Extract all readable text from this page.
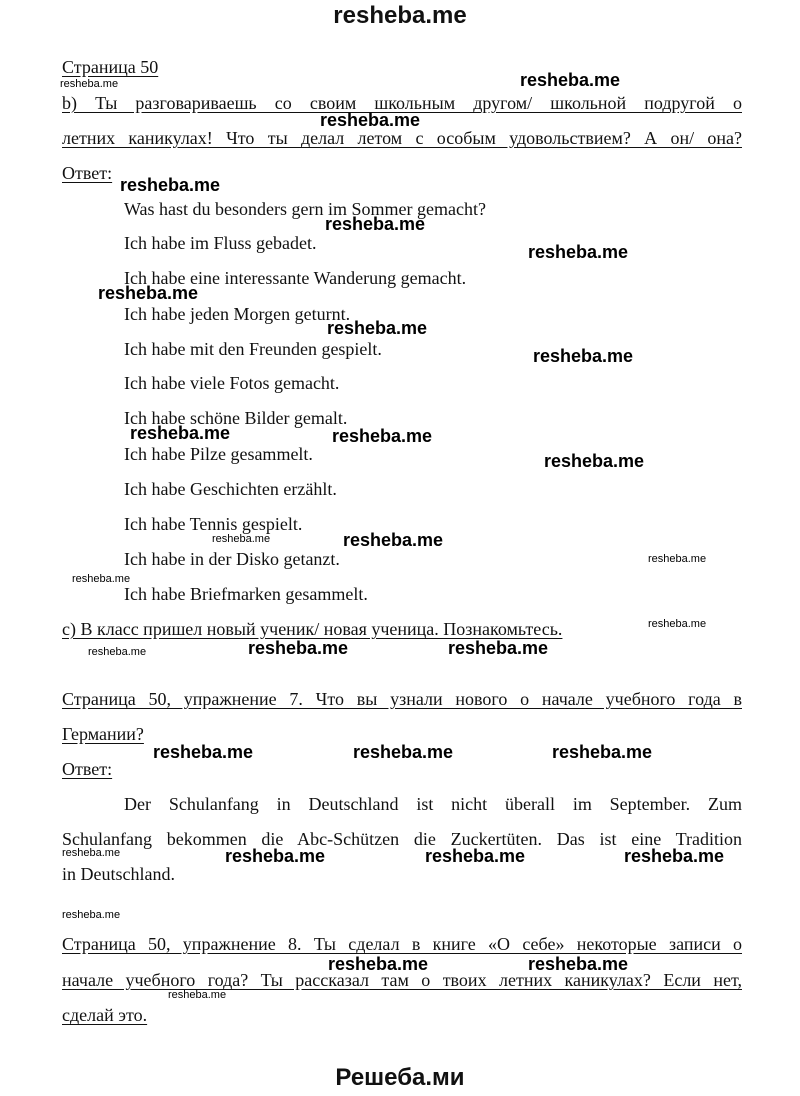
resheba.me
Страница 50
b) Ты разговариваешь со своим школьным другом/ школьной подругой о
летних каникулах! Что ты делал летом с особым удовольствием? А он/ она?
Ответ:
Was hast du besonders gern im Sommer gemacht?
Ich habe im Fluss gebadet.
Ich habe eine interessante Wanderung gemacht.
Ich habe jeden Morgen geturnt.
Ich habe mit den Freunden gespielt.
Ich habe viele Fotos gemacht.
Ich habe schöne Bilder gemalt.
Ich habe Pilze gesammelt.
Ich habe Geschichten erzählt.
Ich habe Tennis gespielt.
Ich habe in der Disko getanzt.
Ich habe Briefmarken gesammelt.
c) В класс пришел новый ученик/ новая ученица. Познакомьтесь.
Страница 50, упражнение 7. Что вы узнали нового о начале учебного года в
Германии?
Ответ:
Der Schulanfang in Deutschland ist nicht überall im September. Zum
Schulanfang bekommen die Abc-Schützen die Zuckertüten. Das ist eine Tradition
in Deutschland.
Страница 50, упражнение 8. Ты сделал в книге «О себе» некоторые записи о
начале учебного года? Ты рассказал там о твоих летних каникулах? Если нет,
сделай это.
resheba.me
resheba.me
resheba.me
resheba.me
resheba.me
resheba.me
resheba.me
resheba.me
resheba.me	resheba.me
resheba.me
resheba.me
resheba.me	resheba.me
resheba.me	resheba.me	resheba.me
resheba.me	resheba.me	resheba.me
resheba.me	resheba.me
resheba.me
resheba.me
resheba.me
resheba.me
resheba.me
resheba.me
resheba.me
resheba.me
resheba.me
Решеба.ми
